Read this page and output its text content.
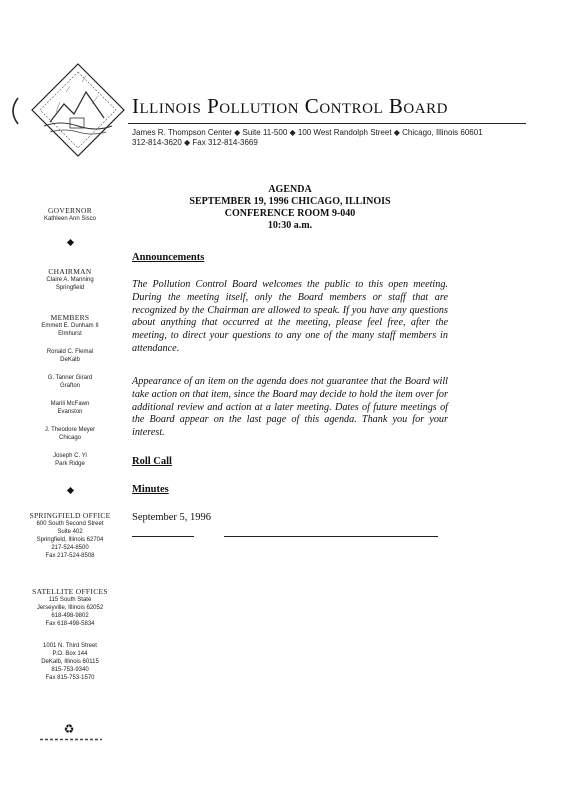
Illinois Pollution Control Board
James R. Thompson Center ◆ Suite 11-500 ◆ 100 West Randolph Street ◆ Chicago, Illinois 60601
312-814-3620 ◆ Fax 312-814-3669
GOVERNOR
Kathleen Ann Sisco
CHAIRMAN
Claire A. Manning
Springfield
MEMBERS
Emmett E. Dunham II
Elmhurst
Ronald C. Flemal
DeKalb
G. Tanner Girard
Grafton
Marili McFawn
Evanston
J. Theodore Meyer
Chicago
Joseph C. Yi
Park Ridge
SPRINGFIELD OFFICE
600 South Second Street
Suite 402
Springfield, Illinois 62704
217-524-8500
Fax 217-524-8508
SATELLITE OFFICES
115 South State
Jerseyville, Illinois 62052
618-498-9802
Fax 618-498-5834
1001 N. Third Street
P.O. Box 144
DeKalb, Illinois 60115
815-753-9340
Fax 815-753-1570
♻
AGENDA
SEPTEMBER 19, 1996 CHICAGO, ILLINOIS
CONFERENCE ROOM 9-040
10:30 a.m.
Announcements
The Pollution Control Board welcomes the public to this open meeting. During the meeting itself, only the Board members or staff that are recognized by the Chairman are allowed to speak. If you have any questions about anything that occurred at the meeting, please feel free, after the meeting, to direct your questions to any one of the many staff members in attendance.
Appearance of an item on the agenda does not guarantee that the Board will take action on that item, since the Board may decide to hold the item over for additional review and action at a later meeting. Dates of future meetings of the Board appear on the last page of this agenda. Thank you for your interest.
Roll Call
Minutes
September 5, 1996
